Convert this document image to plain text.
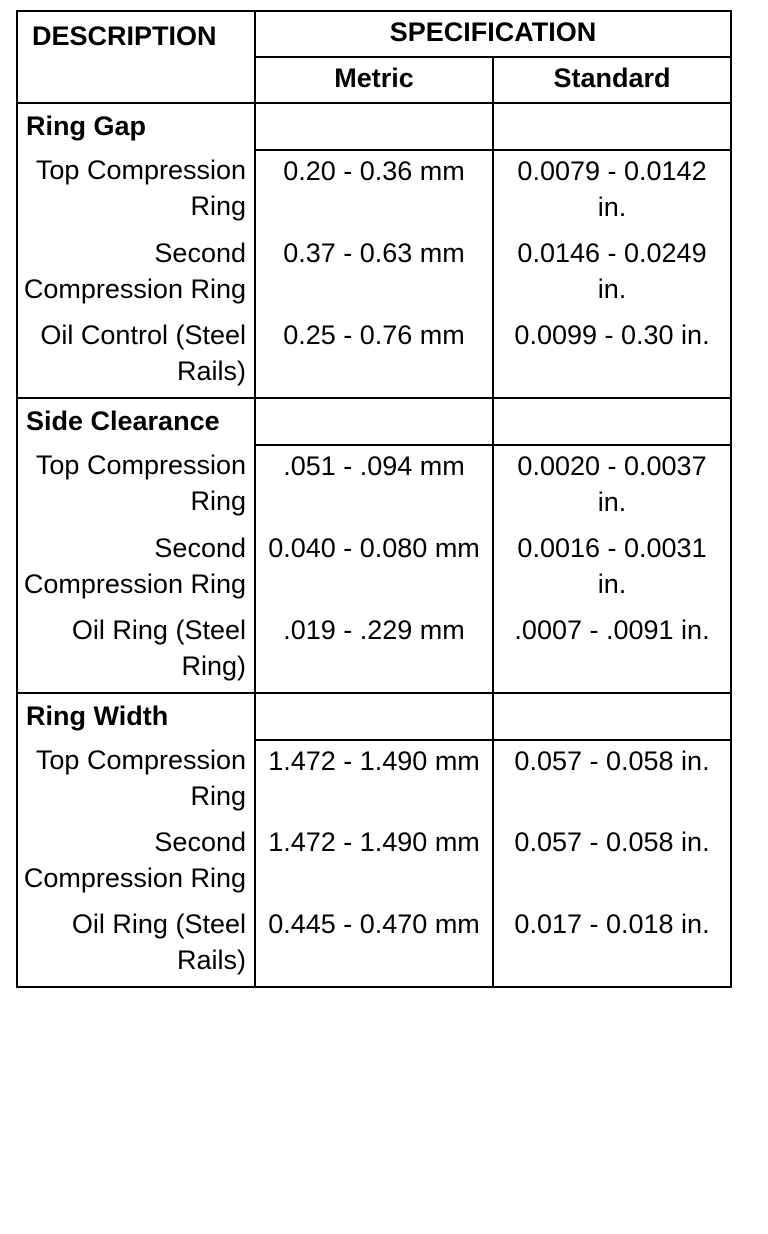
DESCRIPTION	SPECIFICATION	
	Metric	Standard
Ring Gap		
Top Compression Ring	0.20 - 0.36 mm	0.0079 - 0.0142 in.
Second Compression Ring	0.37 - 0.63 mm	0.0146 - 0.0249 in.
Oil Control (Steel Rails)	0.25 - 0.76 mm	0.0099 - 0.30 in.
Side Clearance		
Top Compression Ring	.051 - .094 mm	0.0020 - 0.0037 in.
Second Compression Ring	0.040 - 0.080 mm	0.0016 - 0.0031 in.
Oil Ring (Steel Ring)	.019 - .229 mm	.0007 - .0091 in.
Ring Width		
Top Compression Ring	1.472 - 1.490 mm	0.057 - 0.058 in.
Second Compression Ring	1.472 - 1.490 mm	0.057 - 0.058 in.
Oil Ring (Steel Rails)	0.445 - 0.470 mm	0.017 - 0.018 in.
